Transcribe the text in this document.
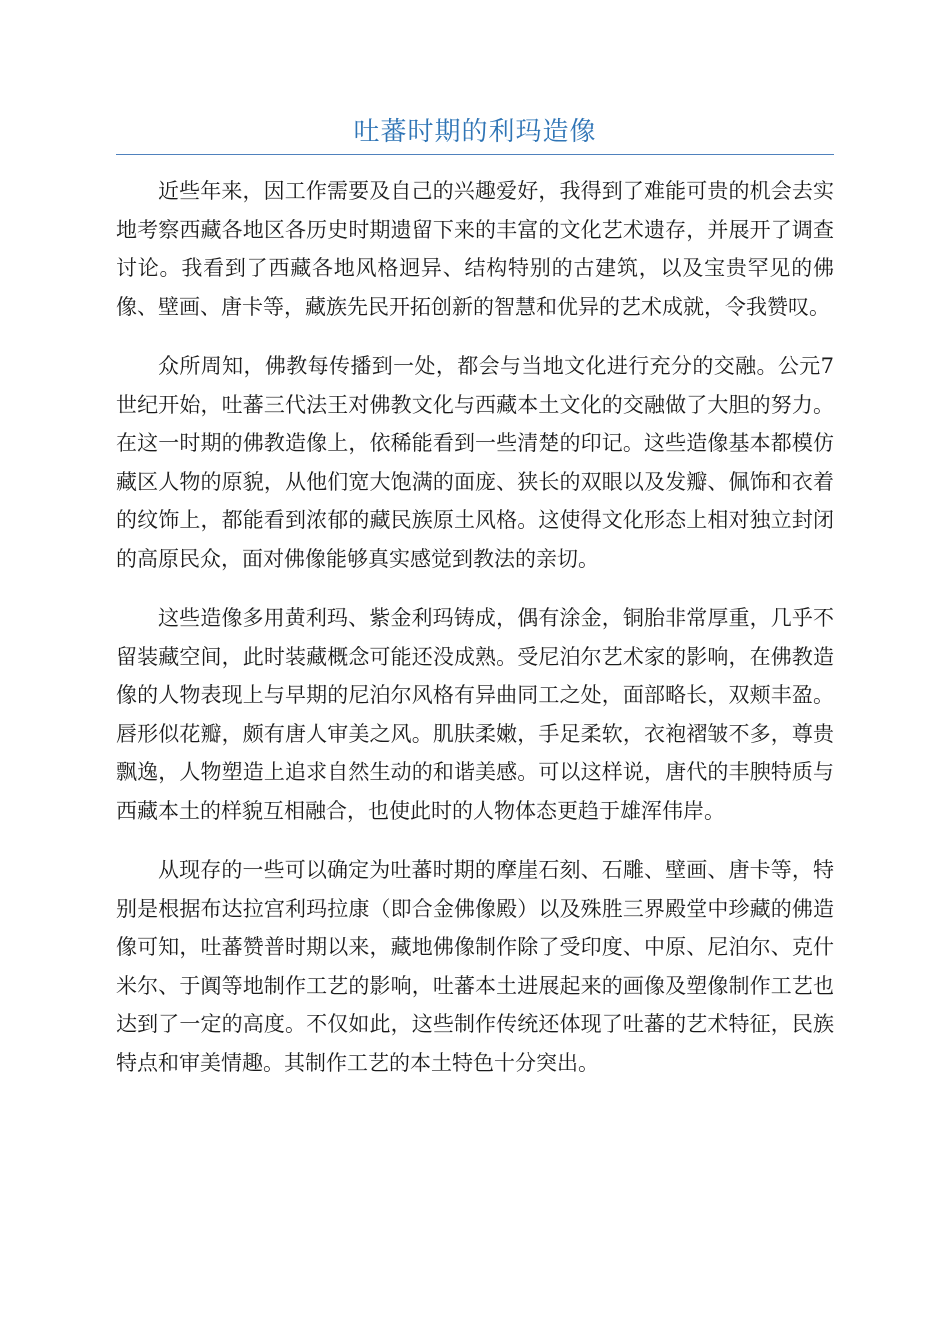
吐蕃时期的利玛造像

近些年来，因工作需要及自己的兴趣爱好，我得到了难能可贵的机会去实地考察西藏各地区各历史时期遗留下来的丰富的文化艺术遗存，并展开了调查讨论。我看到了西藏各地风格迥异、结构特别的古建筑，以及宝贵罕见的佛像、壁画、唐卡等，藏族先民开拓创新的智慧和优异的艺术成就，令我赞叹。

众所周知，佛教每传播到一处，都会与当地文化进行充分的交融。公元7世纪开始，吐蕃三代法王对佛教文化与西藏本土文化的交融做了大胆的努力。在这一时期的佛教造像上，依稀能看到一些清楚的印记。这些造像基本都模仿藏区人物的原貌，从他们宽大饱满的面庞、狭长的双眼以及发瓣、佩饰和衣着的纹饰上，都能看到浓郁的藏民族原土风格。这使得文化形态上相对独立封闭的高原民众，面对佛像能够真实感觉到教法的亲切。

这些造像多用黄利玛、紫金利玛铸成，偶有涂金，铜胎非常厚重，几乎不留装藏空间，此时装藏概念可能还没成熟。受尼泊尔艺术家的影响，在佛教造像的人物表现上与早期的尼泊尔风格有异曲同工之处，面部略长，双颊丰盈。唇形似花瓣，颇有唐人审美之风。肌肤柔嫩，手足柔软，衣袍褶皱不多，尊贵飘逸，人物塑造上追求自然生动的和谐美感。可以这样说，唐代的丰腴特质与西藏本土的样貌互相融合，也使此时的人物体态更趋于雄浑伟岸。

从现存的一些可以确定为吐蕃时期的摩崖石刻、石雕、壁画、唐卡等，特别是根据布达拉宫利玛拉康（即合金佛像殿）以及殊胜三界殿堂中珍藏的佛造像可知，吐蕃赞普时期以来，藏地佛像制作除了受印度、中原、尼泊尔、克什米尔、于阗等地制作工艺的影响，吐蕃本土进展起来的画像及塑像制作工艺也达到了一定的高度。不仅如此，这些制作传统还体现了吐蕃的艺术特征，民族特点和审美情趣。其制作工艺的本土特色十分突出。
